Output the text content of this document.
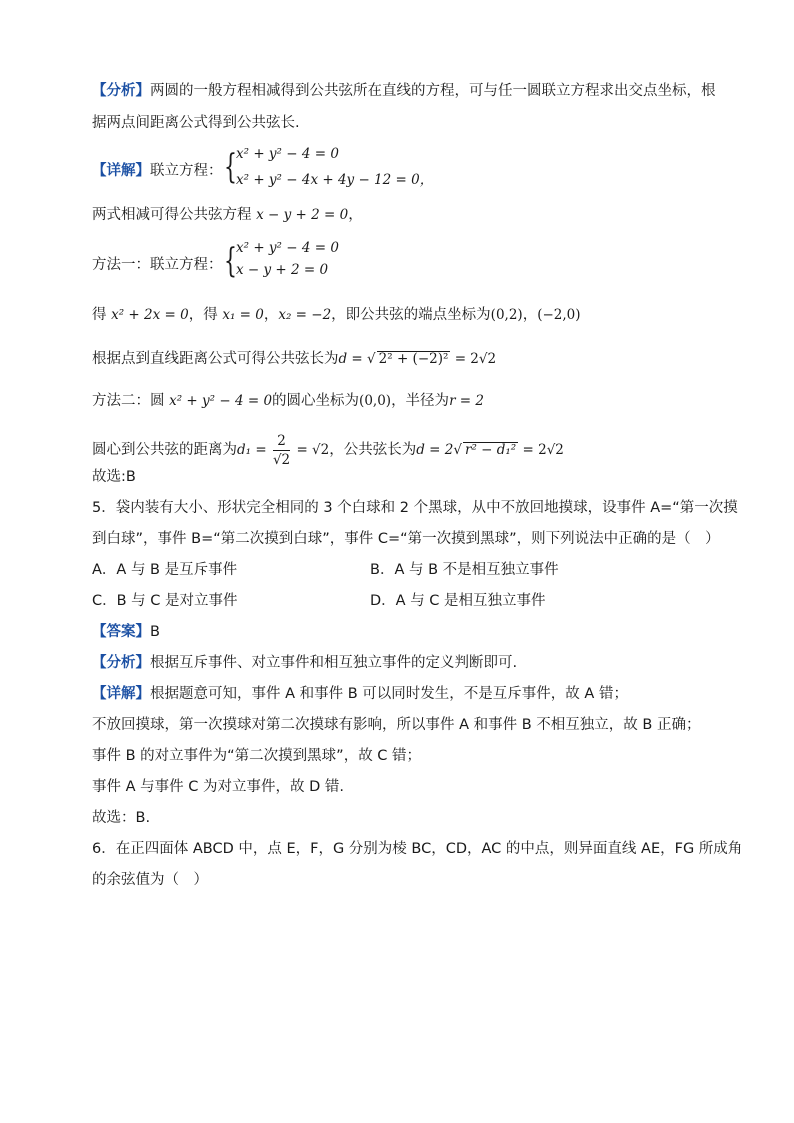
【分析】两圆的一般方程相减得到公共弦所在直线的方程，可与任一圆联立方程求出交点坐标，根
据两点间距离公式得到公共弦长.
【详解】联立方程： { x² + y² − 4 = 0
x² + y² − 4x + 4y − 12 = 0，
两式相减可得公共弦方程 x − y + 2 = 0，
方法一：联立方程： { x² + y² − 4 = 0
x − y + 2 = 0
得 x² + 2x = 0，得 x₁ = 0，x₂ = −2，即公共弦的端点坐标为(0,2)，(−2,0)
根据点到直线距离公式可得公共弦长为d = √ 2² + (−2)² = 2√2
方法二：圆 x² + y² − 4 = 0的圆心坐标为(0,0)，半径为r = 2
圆心到公共弦的距离为$d_1 = \frac{2}{√2} = √2$，公共弦长为d = 2√ r² − d₁² = 2√2
故选:B
5．袋内装有大小、形状完全相同的 3 个白球和 2 个黑球，从中不放回地摸球，设事件 A=“第一次摸
到白球”，事件 B=“第二次摸到白球”，事件 C=“第一次摸到黑球”，则下列说法中正确的是（　）
A．A 与 B 是互斥事件	B．A 与 B 不是相互独立事件
C．B 与 C 是对立事件	D．A 与 C 是相互独立事件
【答案】B
【分析】根据互斥事件、对立事件和相互独立事件的定义判断即可.
【详解】根据题意可知，事件 A 和事件 B 可以同时发生，不是互斥事件，故 A 错；
不放回摸球，第一次摸球对第二次摸球有影响，所以事件 A 和事件 B 不相互独立，故 B 正确；
事件 B 的对立事件为“第二次摸到黑球”，故 C 错；
事件 A 与事件 C 为对立事件，故 D 错.
故选：B.
6．在正四面体 ABCD 中，点 E，F，G 分别为棱 BC，CD，AC 的中点，则异面直线 AE，FG 所成角
的余弦值为（　）
